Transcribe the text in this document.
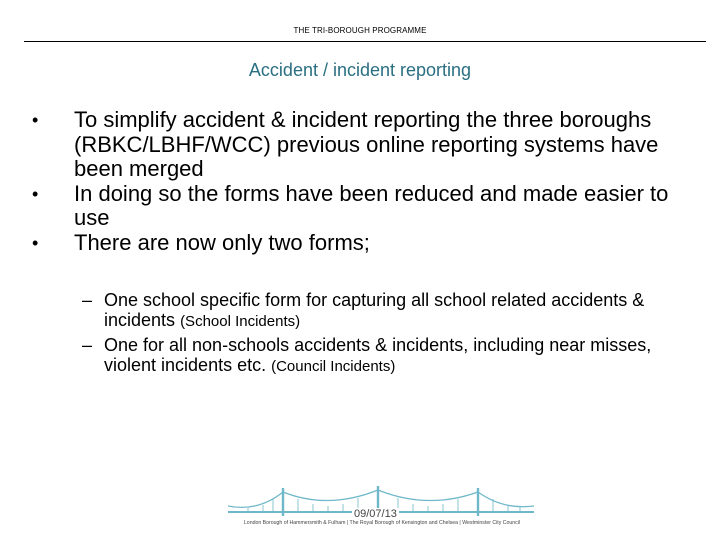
THE TRI-BOROUGH PROGRAMME
Accident / incident reporting
•	To simplify accident & incident reporting the three boroughs (RBKC/LBHF/WCC) previous online reporting systems have been merged
•	In doing so the forms have been reduced and made easier to use
•	There are now only two forms;
– One school specific form for capturing all school related accidents & incidents (School Incidents)
– One for all non-schools accidents & incidents, including near misses, violent incidents etc. (Council Incidents)
09/07/13
London Borough of Hammersmith & Fulham | The Royal Borough of Kensington and Chelsea | Westminster City Council
